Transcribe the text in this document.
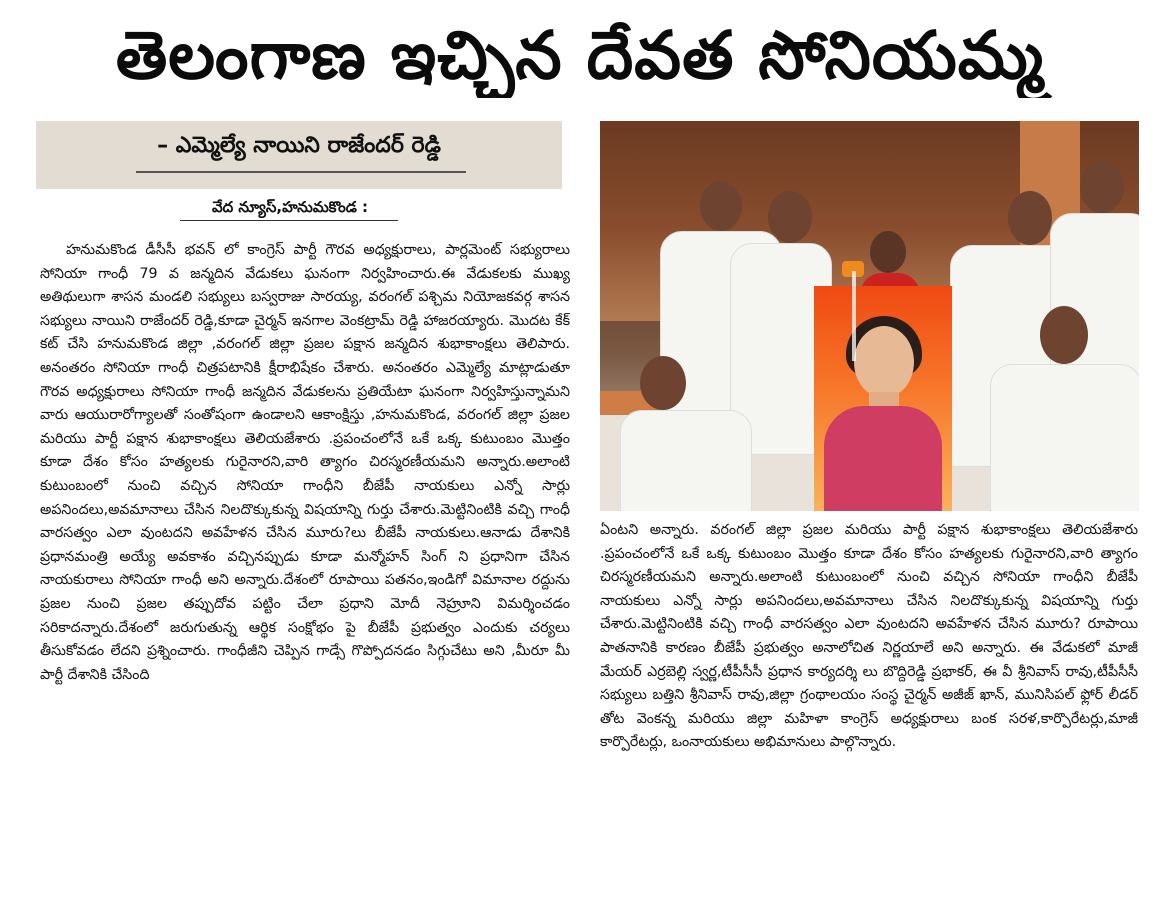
తెలంగాణ ఇచ్చిన దేవత సోనియమ్మ
– ఎమ్మెల్యే నాయిని రాజేందర్ రెడ్డి
వేద న్యూస్,హనుమకొండ :
హనుమకొండ డీసీసీ భవన్ లో కాంగ్రెస్ పార్టీ గౌరవ అధ్యక్షురాలు, పార్లమెంట్ సభ్యురాలు సోనియా గాంధీ 79 వ జన్మదిన వేడుకలు ఘనంగా నిర్వహించారు.ఈ వేడుకలకు ముఖ్య అతిథులుగా శాసన మండలి సభ్యులు బస్వరాజు సారయ్య, వరంగల్ పశ్చిమ నియోజకవర్గ శాసన సభ్యులు నాయిని రాజేందర్ రెడ్డి,కూడా చైర్మన్ ఇనగాల వెంకట్రామ్ రెడ్డి హాజరయ్యారు. మొదట కేక్ కట్ చేసి హనుమకొండ జిల్లా ,వరంగల్ జిల్లా ప్రజల పక్షాన జన్మదిన శుభాకాంక్షలు తెలిపారు. అనంతరం సోనియా గాంధీ చిత్రపటానికి క్షీరాభిషేకం చేశారు. అనంతరం ఎమ్మెల్యే మాట్లాడుతూ గౌరవ అధ్యక్షురాలు సోనియా గాంధీ జన్మదిన వేడుకలను ప్రతియేటా ఘనంగా నిర్వహిస్తున్నామని వారు ఆయురారోగ్యాలతో సంతోషంగా ఉండాలని ఆకాంక్షిస్తు ,హనుమకొండ, వరంగల్ జిల్లా ప్రజల మరియు పార్టీ పక్షాన శుభాకాంక్షలు తెలియజేశారు .ప్రపంచంలోనే ఒకే ఒక్క కుటుంబం మొత్తం కూడా దేశం కోసం హత్యలకు గురైనారని,వారి త్యాగం చిరస్మరణీయమని అన్నారు.అలాంటి కుటుంబంలో నుంచి వచ్చిన సోనియా గాంధీని బీజేపీ నాయకులు ఎన్నో సార్లు అపనిందలు,అవమానాలు చేసిన నిలదొక్కుకున్న విషయాన్ని గుర్తు చేశారు.మెట్టినింటికి వచ్చి గాంధీ వారసత్వం ఎలా వుంటదని అవహేళన చేసిన మూరు?లు బీజేపీ నాయకులు.ఆనాడు దేశానికి ప్రధానమంత్రి అయ్యే అవకాశం వచ్చినప్పుడు కూడా మన్మోహన్ సింగ్ ని ప్రధానిగా చేసిన నాయకురాలు సోనియా గాంధీ అని అన్నారు.దేశంలో రూపాయి పతనం,ఇండిగో విమానాల రద్దును ప్రజల నుంచి ప్రజల తప్పుదోవ పట్టిం చేలా ప్రధాని మోదీ నెహ్రూని విమర్శించడం సరికాదన్నారు.దేశంలో జరుగుతున్న ఆర్థిక సంక్షోభం పై బీజేపీ ప్రభుత్వం ఎందుకు చర్యలు తీసుకోవడం లేదని ప్రశ్నించారు. గాంధీజీని చెప్పిన గాడ్సే గొప్పోదనడం సిగ్గుచేటు అని ,మీరూ మీ పార్టీ దేశానికి చేసింది
ఏంటని అన్నారు. వరంగల్ జిల్లా ప్రజల మరియు పార్టీ పక్షాన శుభాకాంక్షలు తెలియజేశారు .ప్రపంచంలోనే ఒకే ఒక్క కుటుంబం మొత్తం కూడా దేశం కోసం హత్యలకు గురైనారని,వారి త్యాగం చిరస్మరణీయమని అన్నారు.అలాంటి కుటుంబంలో నుంచి వచ్చిన సోనియా గాంధీని బీజేపీ నాయకులు ఎన్నో సార్లు అపనిందలు,అవమానాలు చేసిన నిలదొక్కుకున్న విషయాన్ని గుర్తు చేశారు.మెట్టినింటికి వచ్చి గాంధీ వారసత్వం ఎలా వుంటదని అవహేళన చేసిన మూరు? రూపాయి పాతనానికి కారణం బీజేపీ ప్రభుత్వం అనాలోచిత నిర్ణయాలే అని అన్నారు. ఈ వేడుకలో మాజీ మేయర్ ఎర్రబెల్లి స్వర్ణ,టీపీసీసీ ప్రధాన కార్యదర్శి లు బొద్దిరెడ్డి ప్రభాకర్, ఈ వీ శ్రీనివాస్ రావు,టీపీసీసీ సభ్యులు బత్తిని శ్రీనివాస్ రావు,జిల్లా గ్రంథాలయం సంస్థ చైర్మన్ అజీజ్ ఖాన్, మునిసిపల్ ఫ్లోర్ లీడర్ తోట వెంకన్న మరియు జిల్లా మహిళా కాంగ్రెస్ అధ్యక్షురాలు బంక సరళ,కార్పొరేటర్లు,మాజీ కార్పొరేటర్లు, ఒంనాయకులు అభిమానులు పాల్గొన్నారు.
